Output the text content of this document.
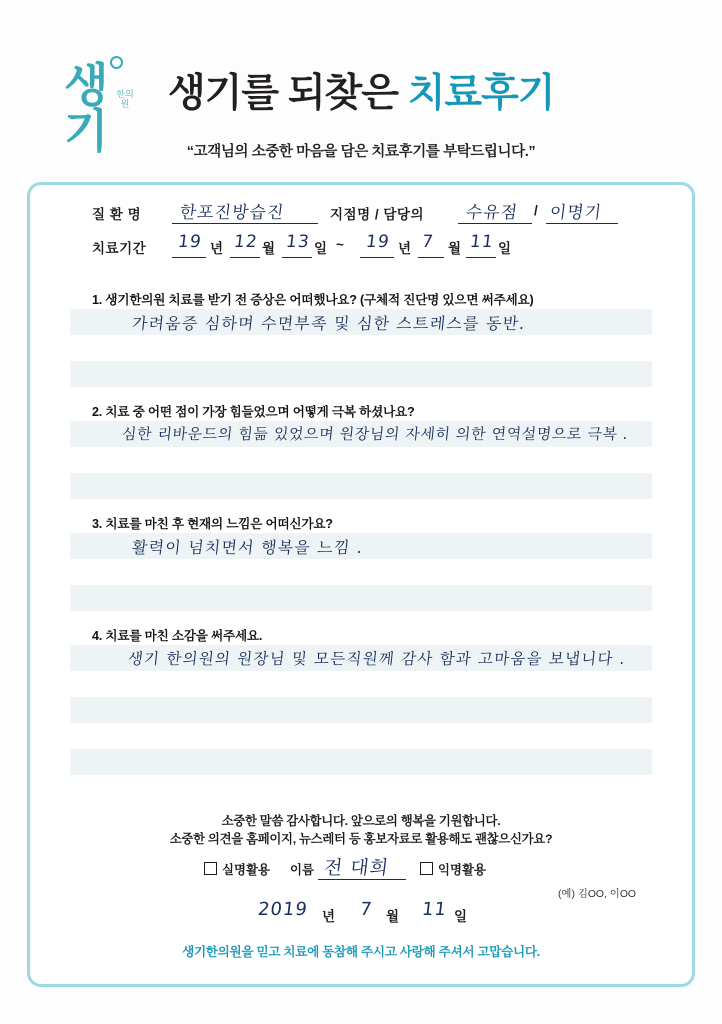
생기
한의원 생기를 되찾은 치료후기
“고객님의 소중한 마음을 담은 치료후기를 부탁드립니다.”
질 환 명 한포진방습진	지점명 / 담당의 수유점 / 이명기
치료기간 19 년 12 월 13 일 ~ 19 년 7 월 11 일
1. 생기한의원 치료를 받기 전 증상은 어떠했나요? (구체적 진단명 있으면 써주세요)
가려움증 심하며 수면부족 및 심한 스트레스를 동반.
2. 치료 중 어떤 점이 가장 힘들었으며 어떻게 극복 하셨나요?
심한 리바운드의 힘듦 있었으며 원장님의 자세히 의한 연역설명으로 극복 .
3. 치료를 마친 후 현재의 느낌은 어떠신가요?
활력이 넘치면서 행복을 느낌 .
4. 치료를 마친 소감을 써주세요.
생기 한의원의 원장님 및 모든직원께 감사 함과 고마움을 보냅니다 .
소중한 말씀 감사합니다. 앞으로의 행복을 기원합니다.
소중한 의견을 홈페이지, 뉴스레터 등 홍보자료로 활용해도 괜찮으신가요?
실명활용 이름 전 대희	익명활용
(예) 김OO, 이OO
2019 년 7 월 11 일
생기한의원을 믿고 치료에 동참해 주시고 사랑해 주셔서 고맙습니다.
